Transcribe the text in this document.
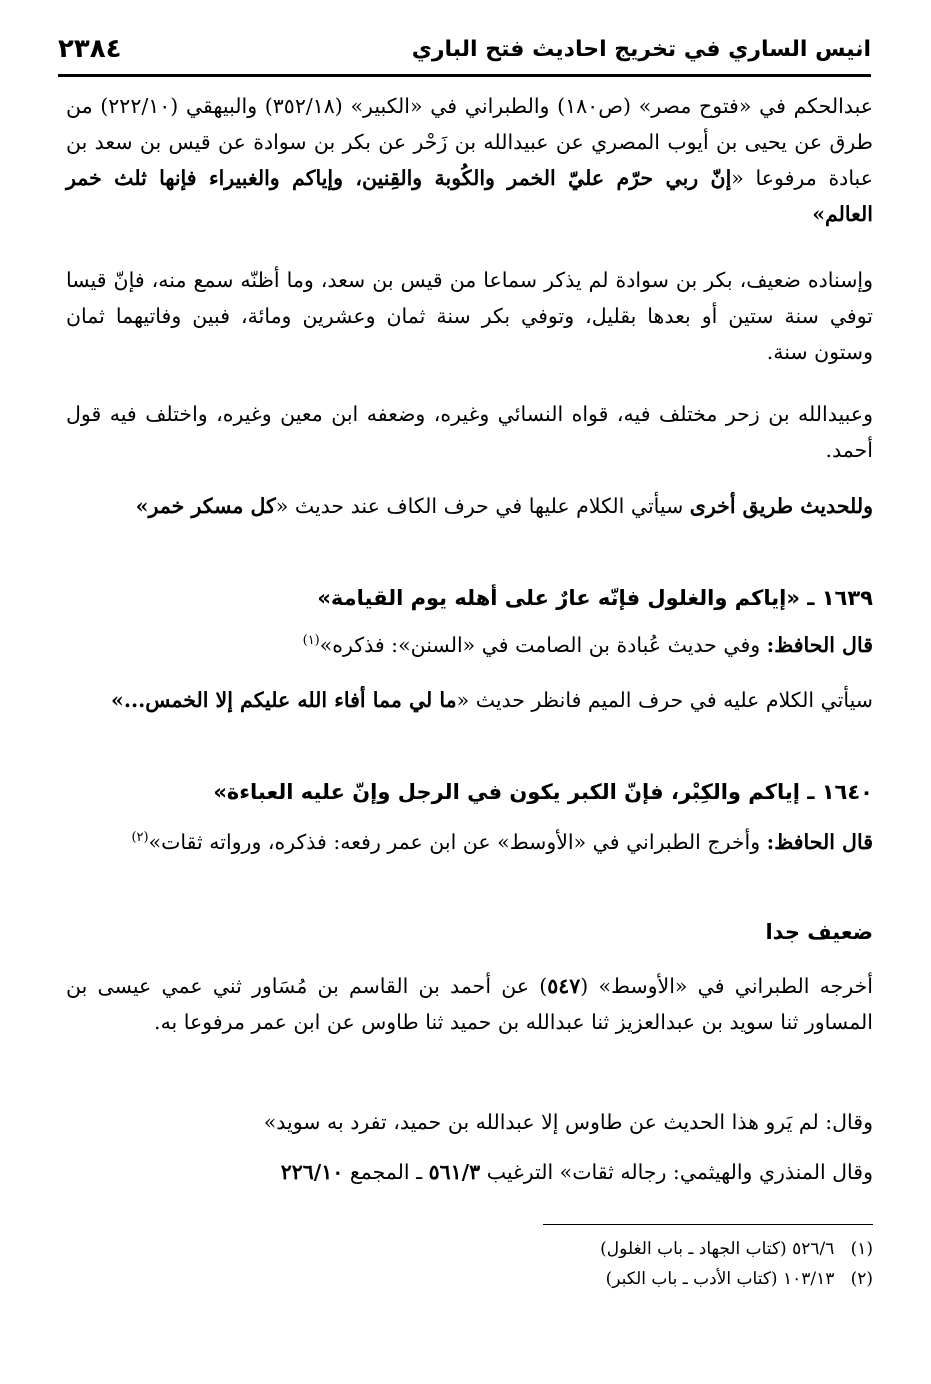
انيس الساري في تخريج احاديث فتح الباري
٢٣٨٤
عبدالحكم في «فتوح مصر» (ص١٨٠) والطبراني في «الكبير» (٣٥٢/١٨) والبيهقي (٢٢٢/١٠) من طرق عن يحيى بن أيوب المصري عن عبيدالله بن زَحْر عن بكر بن سوادة عن قيس بن سعد بن عبادة مرفوعا «إنّ ربي حرّم عليّ الخمر والكُوبة والقِنين، وإياكم والغبيراء فإنها ثلث خمر العالم»
وإسناده ضعيف، بكر بن سوادة لم يذكر سماعا من قيس بن سعد، وما أظنّه سمع منه، فإنّ قيسا توفي سنة ستين أو بعدها بقليل، وتوفي بكر سنة ثمان وعشرين ومائة، فبين وفاتيهما ثمان وستون سنة.
وعبيدالله بن زحر مختلف فيه، قواه النسائي وغيره، وضعفه ابن معين وغيره، واختلف فيه قول أحمد.
وللحديث طريق أخرى سيأتي الكلام عليها في حرف الكاف عند حديث «كل مسكر خمر»
١٦٣٩ ـ «إياكم والغلول فإنّه عارٌ على أهله يوم القيامة»
قال الحافظ: وفي حديث عُبادة بن الصامت في «السنن»: فذكره»$^{(١)}$
سيأتي الكلام عليه في حرف الميم فانظر حديث «ما لي مما أفاء الله عليكم إلا الخمس...»
١٦٤٠ ـ إياكم والكِبْر، فإنّ الكبر يكون في الرجل وإنّ عليه العباءة»
قال الحافظ: وأخرج الطبراني في «الأوسط» عن ابن عمر رفعه: فذكره، ورواته ثقات»$^{(٢)}$
ضعيف جدا
أخرجه الطبراني في «الأوسط» (٥٤٧) عن أحمد بن القاسم بن مُسَاور ثني عمي عيسى بن المساور ثنا سويد بن عبدالعزيز ثنا عبدالله بن حميد ثنا طاوس عن ابن عمر مرفوعا به.
وقال: لم يَرو هذا الحديث عن طاوس إلا عبدالله بن حميد، تفرد به سويد»
وقال المنذري والهيثمي: رجاله ثقات» الترغيب ٥٦١/٣ ـ المجمع ٢٢٦/١٠
(١)   ٥٢٦/٦ (كتاب الجهاد ـ باب الغلول)
(٢)   ١٠٣/١٣ (كتاب الأدب ـ باب الكبر)
